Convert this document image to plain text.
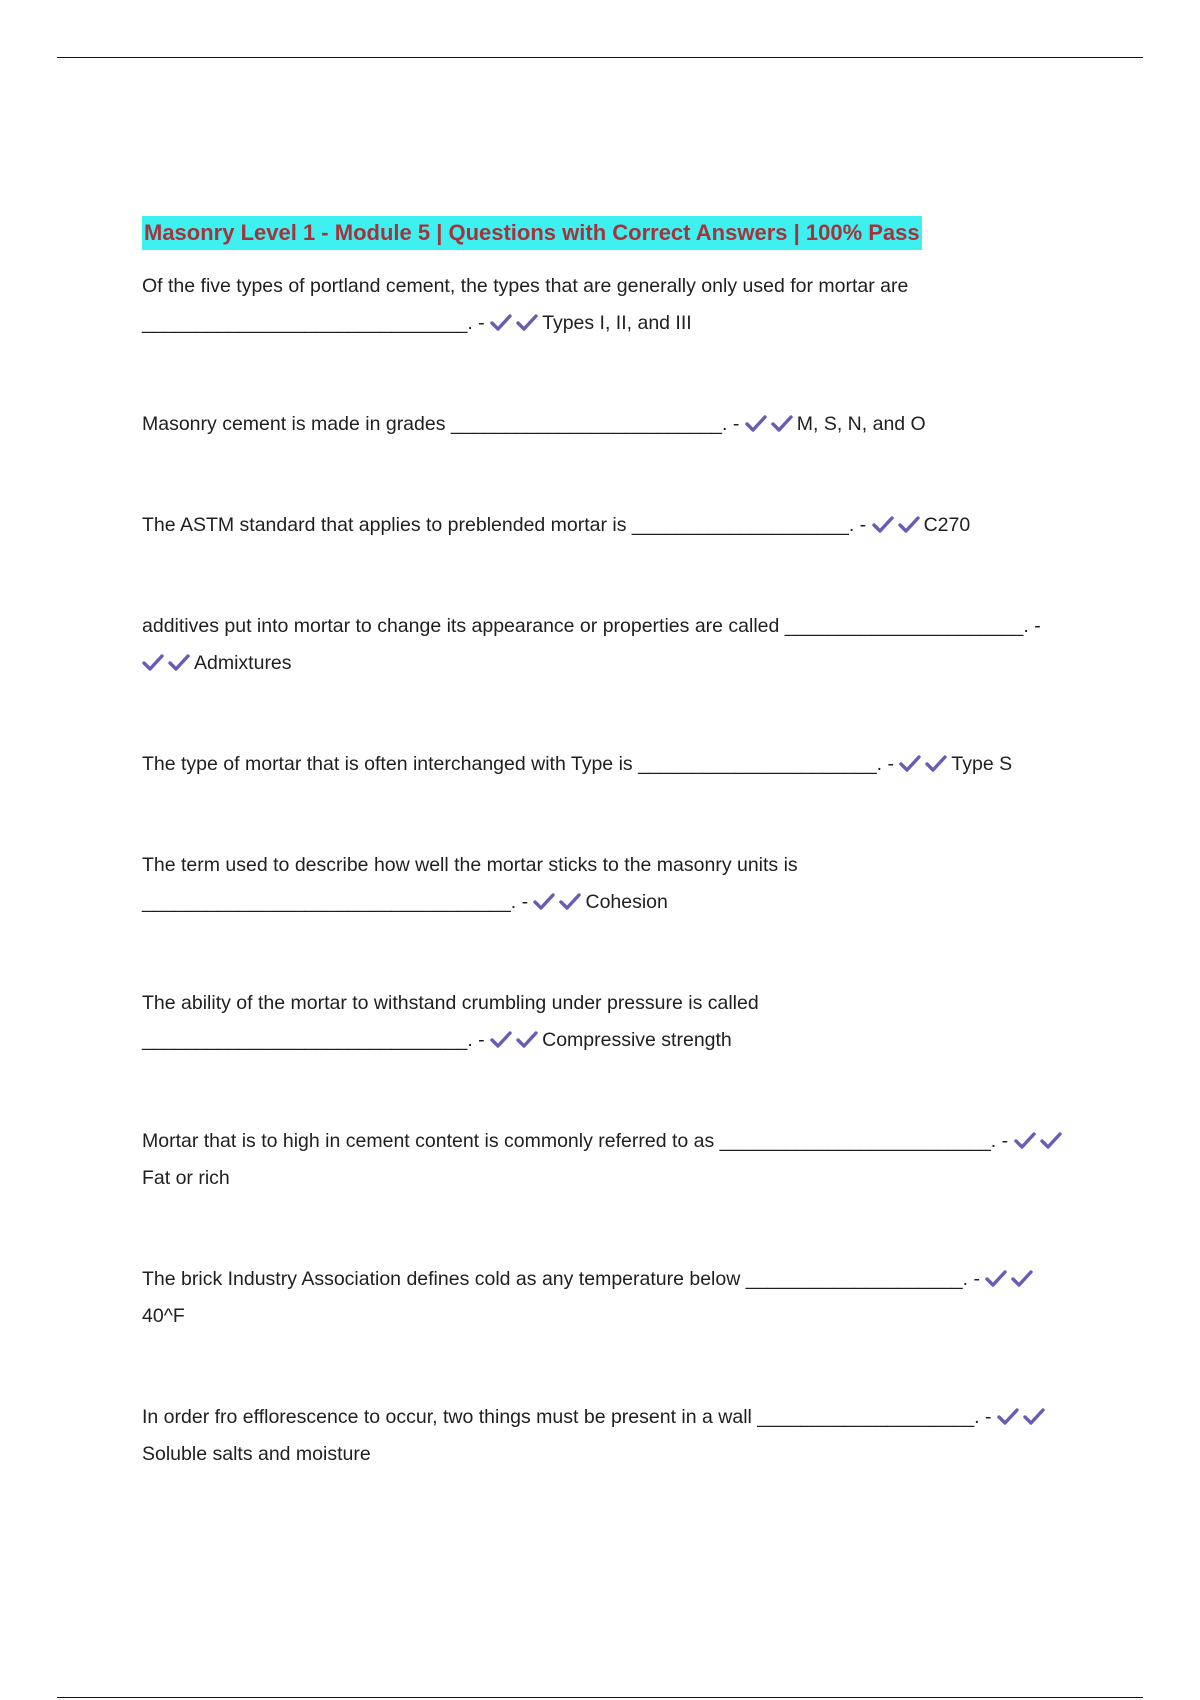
Masonry Level 1 - Module 5 | Questions with Correct Answers | 100% Pass
Of the five types of portland cement, the types that are generally only used for mortar are ______________________________. -	Types I, II, and III
Masonry cement is made in grades _________________________. -	M, S, N, and O
The ASTM standard that applies to preblended mortar is ____________________. -	C270
additives put into mortar to change its appearance or properties are called ______________________. -
Admixtures
The type of mortar that is often interchanged with Type is ______________________. -	Type S
The term used to describe how well the mortar sticks to the masonry units is __________________________________. -	Cohesion
The ability of the mortar to withstand crumbling under pressure is called ______________________________. -	Compressive strength
Mortar that is to high in cement content is commonly referred to as _________________________. -
Fat or rich
The brick Industry Association defines cold as any temperature below ____________________. -
40^F
In order fro efflorescence to occur, two things must be present in a wall ____________________. -
Soluble salts and moisture
